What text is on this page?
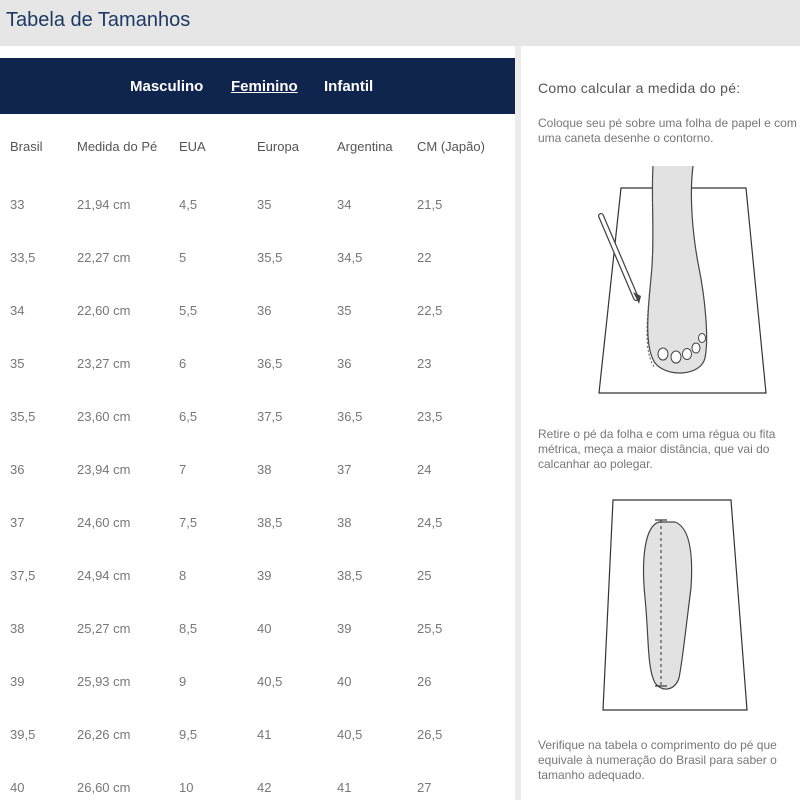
Tabela de Tamanhos
Masculino Feminino Infantil
Brasil	Medida do Pé	EUA	Europa	Argentina	CM (Japão)
33	21,94 cm	4,5	35	34	21,5
33,5	22,27 cm	5	35,5	34,5	22
34	22,60 cm	5,5	36	35	22,5
35	23,27 cm	6	36,5	36	23
35,5	23,60 cm	6,5	37,5	36,5	23,5
36	23,94 cm	7	38	37	24
37	24,60 cm	7,5	38,5	38	24,5
37,5	24,94 cm	8	39	38,5	25
38	25,27 cm	8,5	40	39	25,5
39	25,93 cm	9	40,5	40	26
39,5	26,26 cm	9,5	41	40,5	26,5
40	26,60 cm	10	42	41	27
Como calcular a medida do pé:

Coloque seu pé sobre uma folha de papel e com uma caneta desenhe o contorno.

Retire o pé da folha e com uma régua ou fita métrica, meça a maior distância, que vai do calcanhar ao polegar.

Verifique na tabela o comprimento do pé que equivale à numeração do Brasil para saber o tamanho adequado.
